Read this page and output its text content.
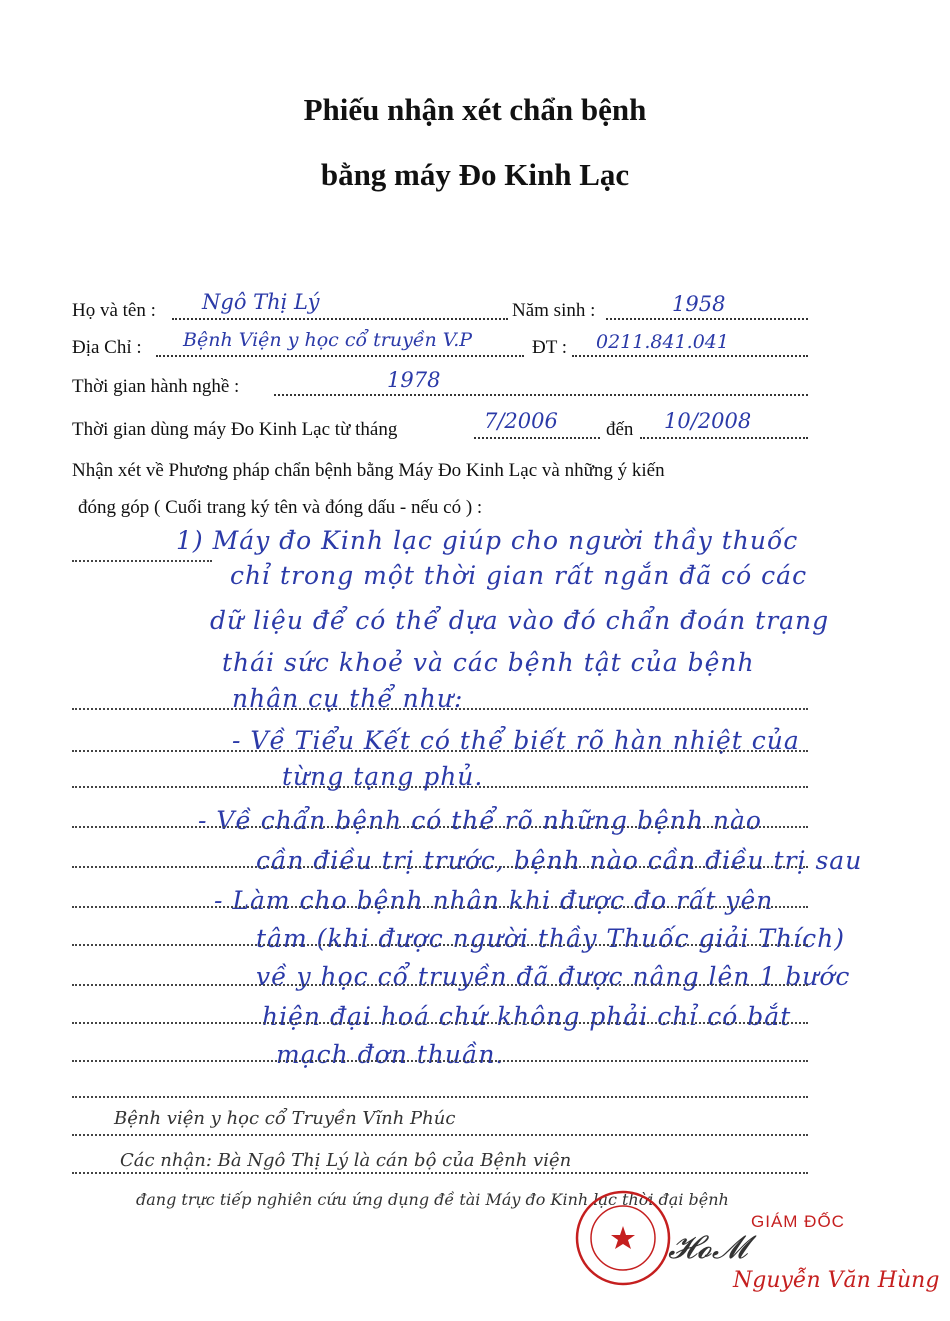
Phiếu nhận xét chẩn bệnh
bằng máy Đo Kinh Lạc
Họ và tên : Ngô Thị Lý	Năm sinh :	1958
Địa Chỉ : Bệnh Viện y học cổ truyền V.P	ĐT : 0211.841.041
Thời gian hành nghề :	1978
Thời gian dùng máy Đo Kinh Lạc từ tháng	7/2006	đến 10/2008
Nhận xét về Phương pháp chẩn bệnh bằng Máy Đo Kinh Lạc và những ý kiến
đóng góp ( Cuối trang ký tên và đóng dấu - nếu có ) :
1) Máy đo Kinh lạc giúp cho người thầy thuốc
chỉ trong một thời gian rất ngắn đã có các
dữ liệu để có thể dựa vào đó chẩn đoán trạng
thái sức khoẻ và các bệnh tật của bệnh
nhân cụ thể như:
- Về Tiểu Kết có thể biết rõ hàn nhiệt của
từng tạng phủ.
- Về chẩn bệnh có thể rõ những bệnh nào
cần điều trị trước, bệnh nào cần điều trị sau
- Làm cho bệnh nhân khi được đo rất yên
tâm (khi được người thầy Thuốc giải Thích)
về y học cổ truyền đã được nâng lên 1 bước
hiện đại hoá chứ không phải chỉ có bắt
mạch đơn thuần.
Bệnh viện y học cổ Truyền Vĩnh Phúc
Các nhận: Bà Ngô Thị Lý là cán bộ của Bệnh viện
đang trực tiếp nghiên cứu ứng dụng đề tài Máy đo Kinh lạc thời đại bệnh
𝓗𝓸𝓜
GIÁM ĐỐC
Nguyễn Văn Hùng
